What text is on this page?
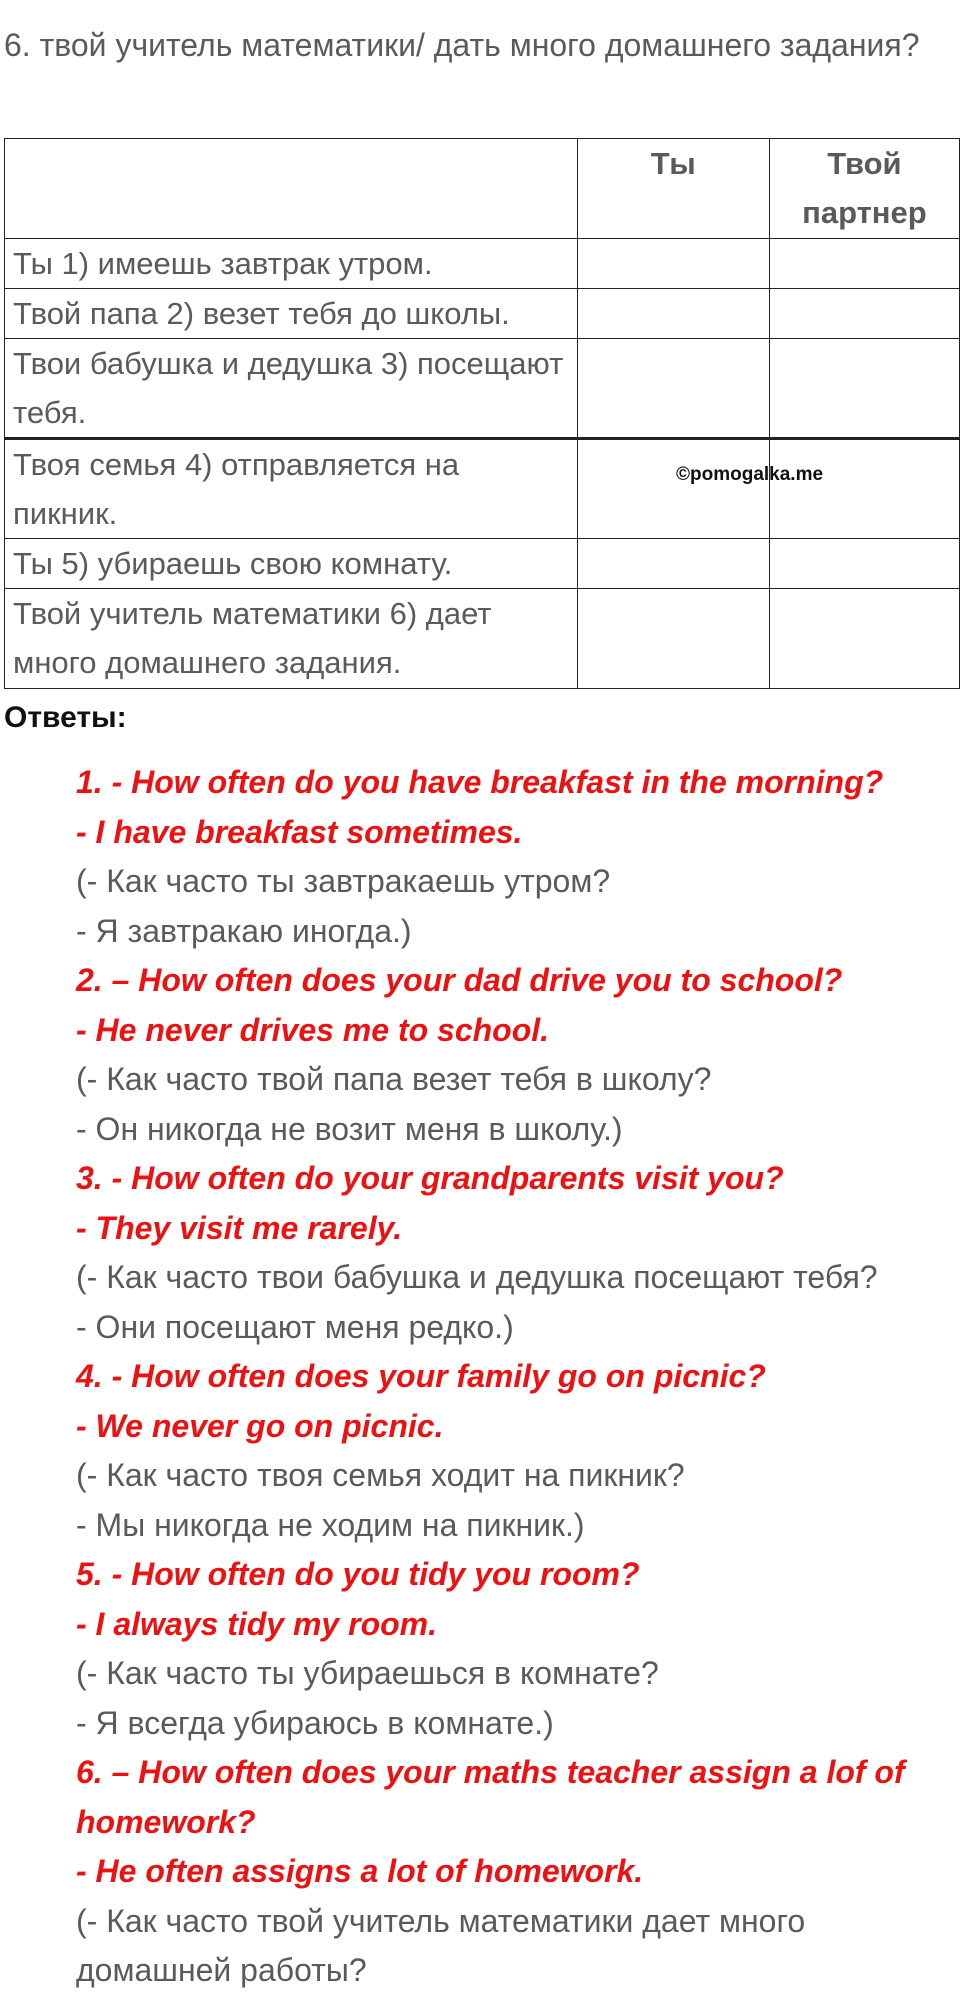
6. твой учитель математики/ дать много домашнего задания?
	Ты	Твой партнер
Ты 1) имеешь завтрак утром.		
Твой папа 2) везет тебя до школы.		
Твои бабушка и дедушка 3) посещают тебя.		
Твоя семья 4) отправляется на пикник.		
Ты 5) убираешь свою комнату.		
Твой учитель математики 6) дает много домашнего задания.		
©pomogalka.me
Ответы:
1. - How often do you have breakfast in the morning?
- I have breakfast sometimes.
(- Как часто ты завтракаешь утром?
- Я завтракаю иногда.)
2. – How often does your dad drive you to school?
- He never drives me to school.
(- Как часто твой папа везет тебя в школу?
- Он никогда не возит меня в школу.)
3. - How often do your grandparents visit you?
- They visit me rarely.
(- Как часто твои бабушка и дедушка посещают тебя?
- Они посещают меня редко.)
4. - How often does your family go on picnic?
- We never go on picnic.
(- Как часто твоя семья ходит на пикник?
- Мы никогда не ходим на пикник.)
5. - How often do you tidy you room?
- I always tidy my room.
(- Как часто ты убираешься в комнате?
- Я всегда убираюсь в комнате.)
6. – How often does your maths teacher assign a lof of homework?
- He often assigns a lot of homework.
(- Как часто твой учитель математики дает много домашней работы?
